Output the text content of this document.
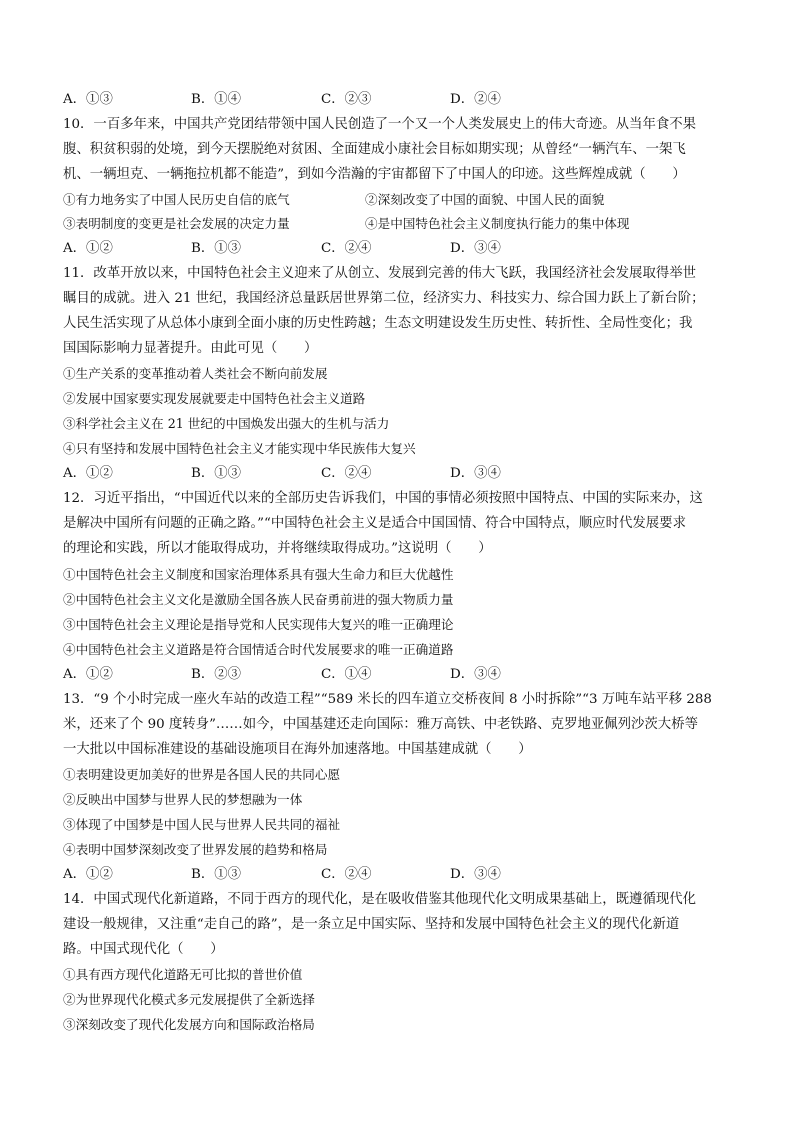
A．①③	B．①④	C．②③	D．②④
10．一百多年来，中国共产党团结带领中国人民创造了一个又一个人类发展史上的伟大奇迹。从当年食不果
腹、积贫积弱的处境，到今天摆脱绝对贫困、全面建成小康社会目标如期实现；从曾经“一辆汽车、一架飞
机、一辆坦克、一辆拖拉机都不能造”，到如今浩瀚的宇宙都留下了中国人的印迹。这些辉煌成就（　　）
①有力地务实了中国人民历史自信的底气	②深刻改变了中国的面貌、中国人民的面貌
③表明制度的变更是社会发展的决定力量	④是中国特色社会主义制度执行能力的集中体现
A．①②	B．①③	C．②④	D．③④
11．改革开放以来，中国特色社会主义迎来了从创立、发展到完善的伟大飞跃，我国经济社会发展取得举世
瞩目的成就。进入 21 世纪，我国经济总量跃居世界第二位，经济实力、科技实力、综合国力跃上了新台阶；
人民生活实现了从总体小康到全面小康的历史性跨越；生态文明建设发生历史性、转折性、全局性变化；我
国国际影响力显著提升。由此可见（　　）
①生产关系的变革推动着人类社会不断向前发展
②发展中国家要实现发展就要走中国特色社会主义道路
③科学社会主义在 21 世纪的中国焕发出强大的生机与活力
④只有坚持和发展中国特色社会主义才能实现中华民族伟大复兴
A．①②	B．①③	C．②④	D．③④
12．习近平指出，“中国近代以来的全部历史告诉我们，中国的事情必须按照中国特点、中国的实际来办，这
是解决中国所有问题的正确之路。”“中国特色社会主义是适合中国国情、符合中国特点，顺应时代发展要求
的理论和实践，所以才能取得成功，并将继续取得成功。”这说明（　　）
①中国特色社会主义制度和国家治理体系具有强大生命力和巨大优越性
②中国特色社会主义文化是激励全国各族人民奋勇前进的强大物质力量
③中国特色社会主义理论是指导党和人民实现伟大复兴的唯一正确理论
④中国特色社会主义道路是符合国情适合时代发展要求的唯一正确道路
A．①②	B．②③	C．①④	D．③④
13．“9 个小时完成一座火车站的改造工程”“589 米长的四车道立交桥夜间 8 小时拆除”“3 万吨车站平移 288
米，还来了个 90 度转身”……如今，中国基建还走向国际：雅万高铁、中老铁路、克罗地亚佩列沙茨大桥等
一大批以中国标准建设的基础设施项目在海外加速落地。中国基建成就（　　）
①表明建设更加美好的世界是各国人民的共同心愿
②反映出中国梦与世界人民的梦想融为一体
③体现了中国梦是中国人民与世界人民共同的福祉
④表明中国梦深刻改变了世界发展的趋势和格局
A．①②	B．①③	C．②④	D．③④
14．中国式现代化新道路，不同于西方的现代化，是在吸收借鉴其他现代化文明成果基础上，既遵循现代化
建设一般规律，又注重“走自己的路”，是一条立足中国实际、坚持和发展中国特色社会主义的现代化新道
路。中国式现代化（　　）
①具有西方现代化道路无可比拟的普世价值
②为世界现代化模式多元发展提供了全新选择
③深刻改变了现代化发展方向和国际政治格局
